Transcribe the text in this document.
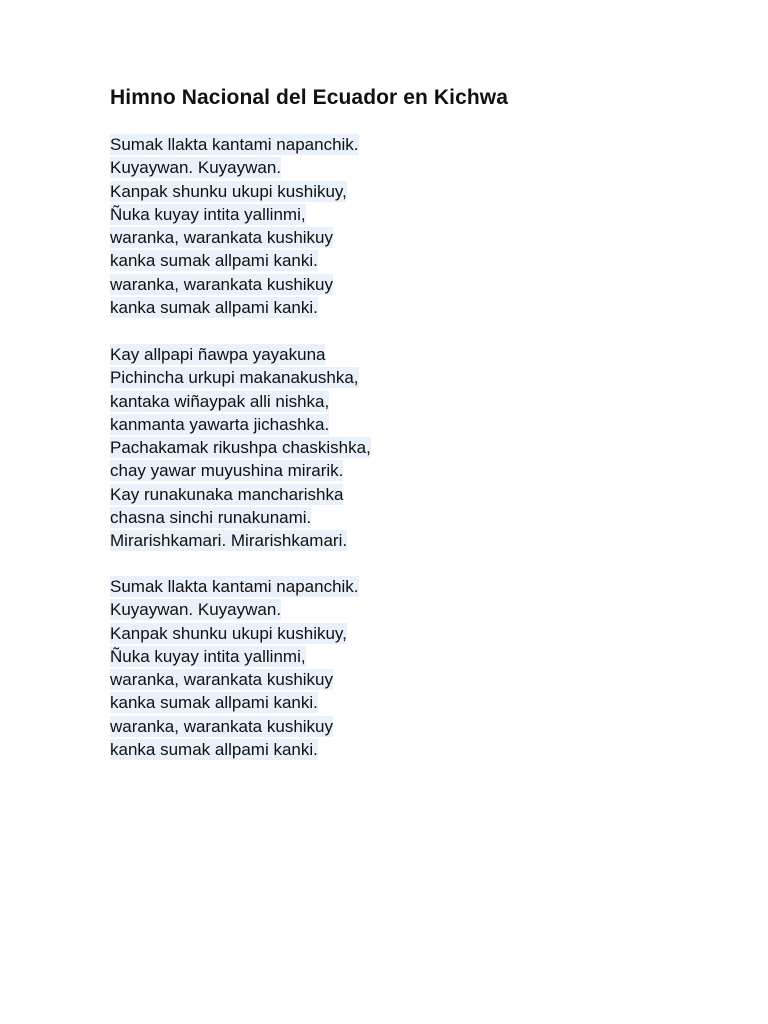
Himno Nacional del Ecuador en Kichwa
Sumak llakta kantami napanchik.
Kuyaywan. Kuyaywan.
Kanpak shunku ukupi kushikuy,
Ñuka kuyay intita yallinmi,
waranka, warankata kushikuy
kanka sumak allpami kanki.
waranka, warankata kushikuy
kanka sumak allpami kanki.
Kay allpapi ñawpa yayakuna
Pichincha urkupi makanakushka,
kantaka wiñaypak alli nishka,
kanmanta yawarta jichashka.
Pachakamak rikushpa chaskishka,
chay yawar muyushina mirarik.
Kay runakunaka mancharishka
chasna sinchi runakunami.
Mirarishkamari. Mirarishkamari.
Sumak llakta kantami napanchik.
Kuyaywan. Kuyaywan.
Kanpak shunku ukupi kushikuy,
Ñuka kuyay intita yallinmi,
waranka, warankata kushikuy
kanka sumak allpami kanki.
waranka, warankata kushikuy
kanka sumak allpami kanki.
